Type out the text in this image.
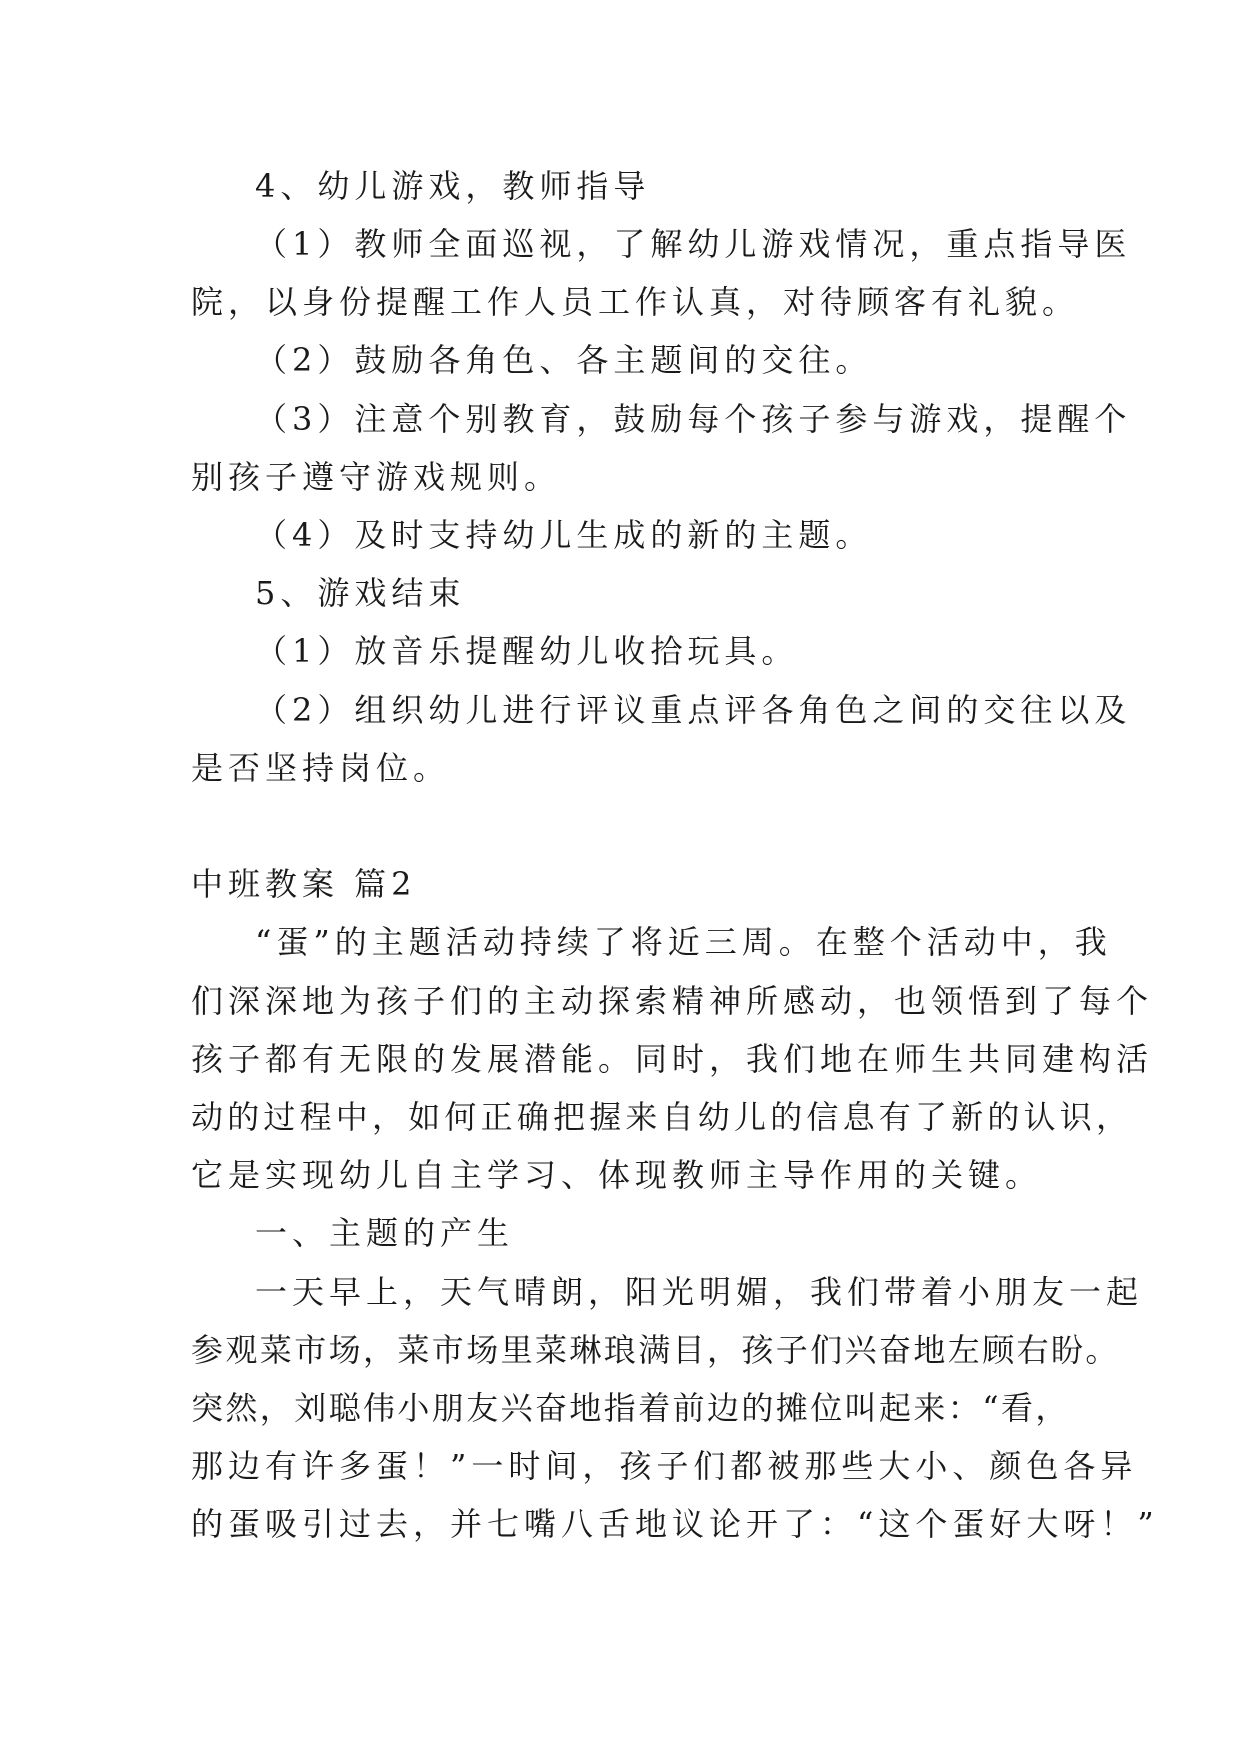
4、幼儿游戏，教师指导

（1）教师全面巡视，了解幼儿游戏情况，重点指导医

院，以身份提醒工作人员工作认真，对待顾客有礼貌。

（2）鼓励各角色、各主题间的交往。

（3）注意个别教育，鼓励每个孩子参与游戏，提醒个

别孩子遵守游戏规则。

（4）及时支持幼儿生成的新的主题。

5、游戏结束

（1）放音乐提醒幼儿收拾玩具。

（2）组织幼儿进行评议重点评各角色之间的交往以及

是否坚持岗位。

中班教案 篇2

“蛋”的主题活动持续了将近三周。在整个活动中，我

们深深地为孩子们的主动探索精神所感动，也领悟到了每个

孩子都有无限的发展潜能。同时，我们地在师生共同建构活

动的过程中，如何正确把握来自幼儿的信息有了新的认识，

它是实现幼儿自主学习、体现教师主导作用的关键。

一、主题的产生

一天早上，天气晴朗，阳光明媚，我们带着小朋友一起

参观菜市场，菜市场里菜琳琅满目，孩子们兴奋地左顾右盼。

突然，刘聪伟小朋友兴奋地指着前边的摊位叫起来：“看，

那边有许多蛋！”一时间，孩子们都被那些大小、颜色各异

的蛋吸引过去，并七嘴八舌地议论开了：“这个蛋好大呀！”
